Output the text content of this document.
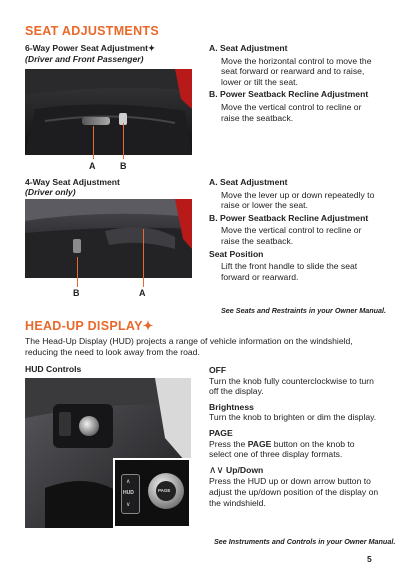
SEAT ADJUSTMENTS
6-Way Power Seat Adjustment✦
(Driver and Front Passenger)
A	B
A. Seat Adjustment
Move the horizontal control to move the seat forward or rearward and to raise, lower or tilt the seat.
B. Power Seatback Recline Adjustment
Move the vertical control to recline or raise the seatback.
4-Way Seat Adjustment
(Driver only)
B	A
A. Seat Adjustment
Move the lever up or down repeatedly to raise or lower the seat.
B. Power Seatback Recline Adjustment
Move the vertical control to recline or raise the seatback.
Seat Position
Lift the front handle to slide the seat forward or rearward.
See Seats and Restraints in your Owner Manual.
HEAD-UP DISPLAY✦
The Head-Up Display (HUD) projects a range of vehicle information on the windshield, reducing the need to look away from the road.
HUD Controls
∧
HUD
∨
PAGE
OFF
Turn the knob fully counterclockwise to turn off the display.
Brightness
Turn the knob to brighten or dim the display.
PAGE
Press the PAGE button on the knob to select one of three display formats.
∧∨ Up/Down
Press the HUD up or down arrow button to adjust the up/down position of the display on the windshield.
See Instruments and Controls in your Owner Manual.
5
